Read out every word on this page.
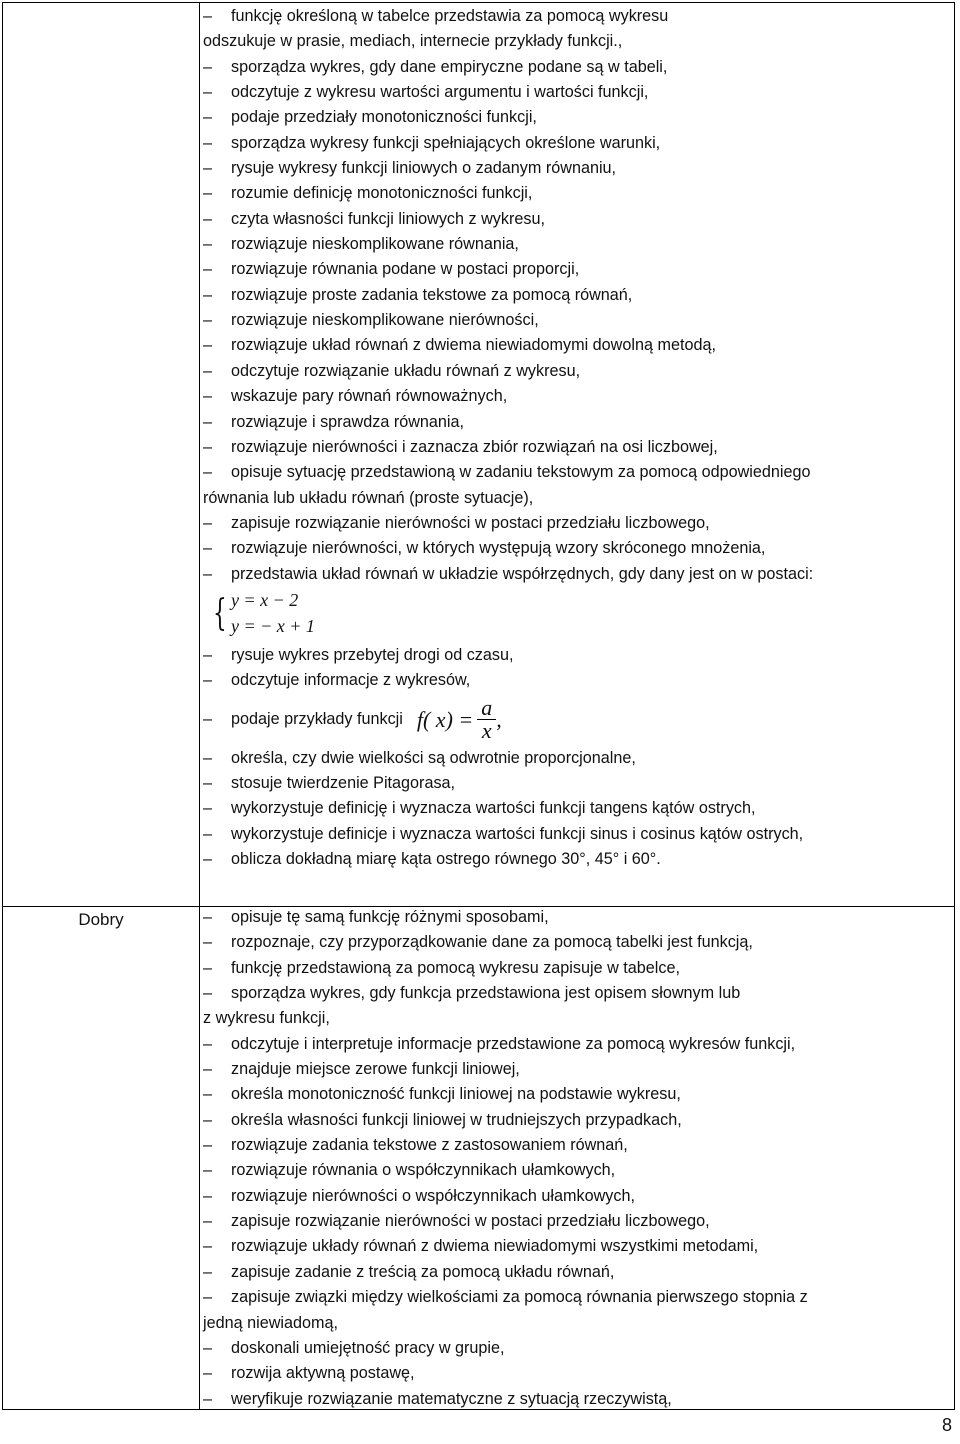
Dobry
– funkcję określoną w tabelce przedstawia za pomocą wykresu
odszukuje w prasie, mediach, internecie przykłady funkcji.,
– sporządza wykres, gdy dane empiryczne podane są w tabeli,
– odczytuje z wykresu wartości argumentu i wartości funkcji,
– podaje przedziały monotoniczności funkcji,
– sporządza wykresy funkcji spełniających określone warunki,
– rysuje wykresy funkcji liniowych o zadanym równaniu,
– rozumie definicję monotoniczności funkcji,
– czyta własności funkcji liniowych z wykresu,
– rozwiązuje nieskomplikowane równania,
– rozwiązuje równania podane w postaci proporcji,
– rozwiązuje proste zadania tekstowe za pomocą równań,
– rozwiązuje nieskomplikowane nierówności,
– rozwiązuje układ równań z dwiema niewiadomymi dowolną metodą,
– odczytuje rozwiązanie układu równań z wykresu,
– wskazuje pary równań równoważnych,
– rozwiązuje i sprawdza równania,
– rozwiązuje nierówności i zaznacza zbiór rozwiązań na osi liczbowej,
– opisuje sytuację przedstawioną w zadaniu tekstowym za pomocą odpowiedniego
równania lub układu równań (proste sytuacje),
– zapisuje rozwiązanie nierówności w postaci przedziału liczbowego,
– rozwiązuje nierówności, w których występują wzory skróconego mnożenia,
– przedstawia układ równań w układzie współrzędnych, gdy dany jest on w postaci:
{ y = x − 2
y = − x + 1
– rysuje wykres przebytej drogi od czasu,
– odczytuje informacje z wykresów,
–	podaje przykłady funkcji f( $x) = \frac{a}{x}$ ,
– określa, czy dwie wielkości są odwrotnie proporcjonalne,
– stosuje twierdzenie Pitagorasa,
– wykorzystuje definicję i wyznacza wartości funkcji tangens kątów ostrych,
– wykorzystuje definicje i wyznacza wartości funkcji sinus i cosinus kątów ostrych,
– oblicza dokładną miarę kąta ostrego równego 30°, 45° i 60°.
– opisuje tę samą funkcję różnymi sposobami,
– rozpoznaje, czy przyporządkowanie dane za pomocą tabelki jest funkcją,
– funkcję przedstawioną za pomocą wykresu zapisuje w tabelce,
– sporządza wykres, gdy funkcja przedstawiona jest opisem słownym lub
z wykresu funkcji,
– odczytuje i interpretuje informacje przedstawione za pomocą wykresów funkcji,
– znajduje miejsce zerowe funkcji liniowej,
– określa monotoniczność funkcji liniowej na podstawie wykresu,
– określa własności funkcji liniowej w trudniejszych przypadkach,
– rozwiązuje zadania tekstowe z zastosowaniem równań,
– rozwiązuje równania o współczynnikach ułamkowych,
– rozwiązuje nierówności o współczynnikach ułamkowych,
– zapisuje rozwiązanie nierówności w postaci przedziału liczbowego,
– rozwiązuje układy równań z dwiema niewiadomymi wszystkimi metodami,
– zapisuje zadanie z treścią za pomocą układu równań,
– zapisuje związki między wielkościami za pomocą równania pierwszego stopnia z
jedną niewiadomą,
– doskonali umiejętność pracy w grupie,
– rozwija aktywną postawę,
– weryfikuje rozwiązanie matematyczne z sytuacją rzeczywistą,
8
